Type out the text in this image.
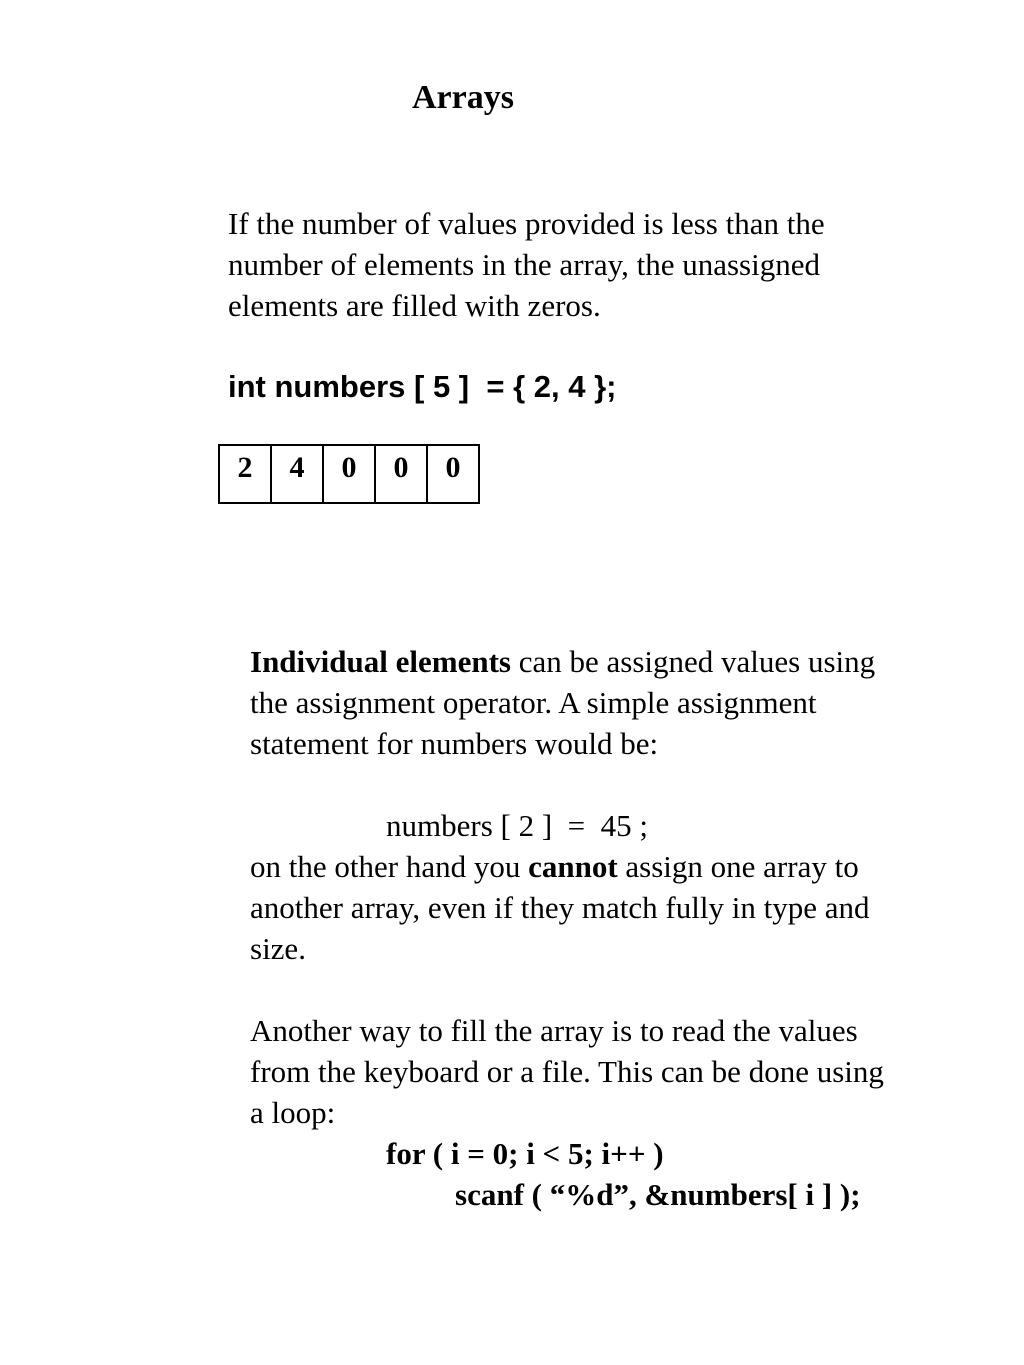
Arrays
If the number of values provided is less than the
number of elements in the array, the unassigned
elements are filled with zeros.
int numbers [ 5 ]  = { 2, 4 };
2	4	0	0	0
Individual elements can be assigned values using
the assignment operator. A simple assignment
statement for numbers would be:
numbers [ 2 ]  =  45 ;
on the other hand you cannot assign one array to
another array, even if they match fully in type and
size.
Another way to fill the array is to read the values
from the keyboard or a file. This can be done using
a loop:
for ( i = 0; i < 5; i++ )
scanf ( “%d”, &numbers[ i ] );
